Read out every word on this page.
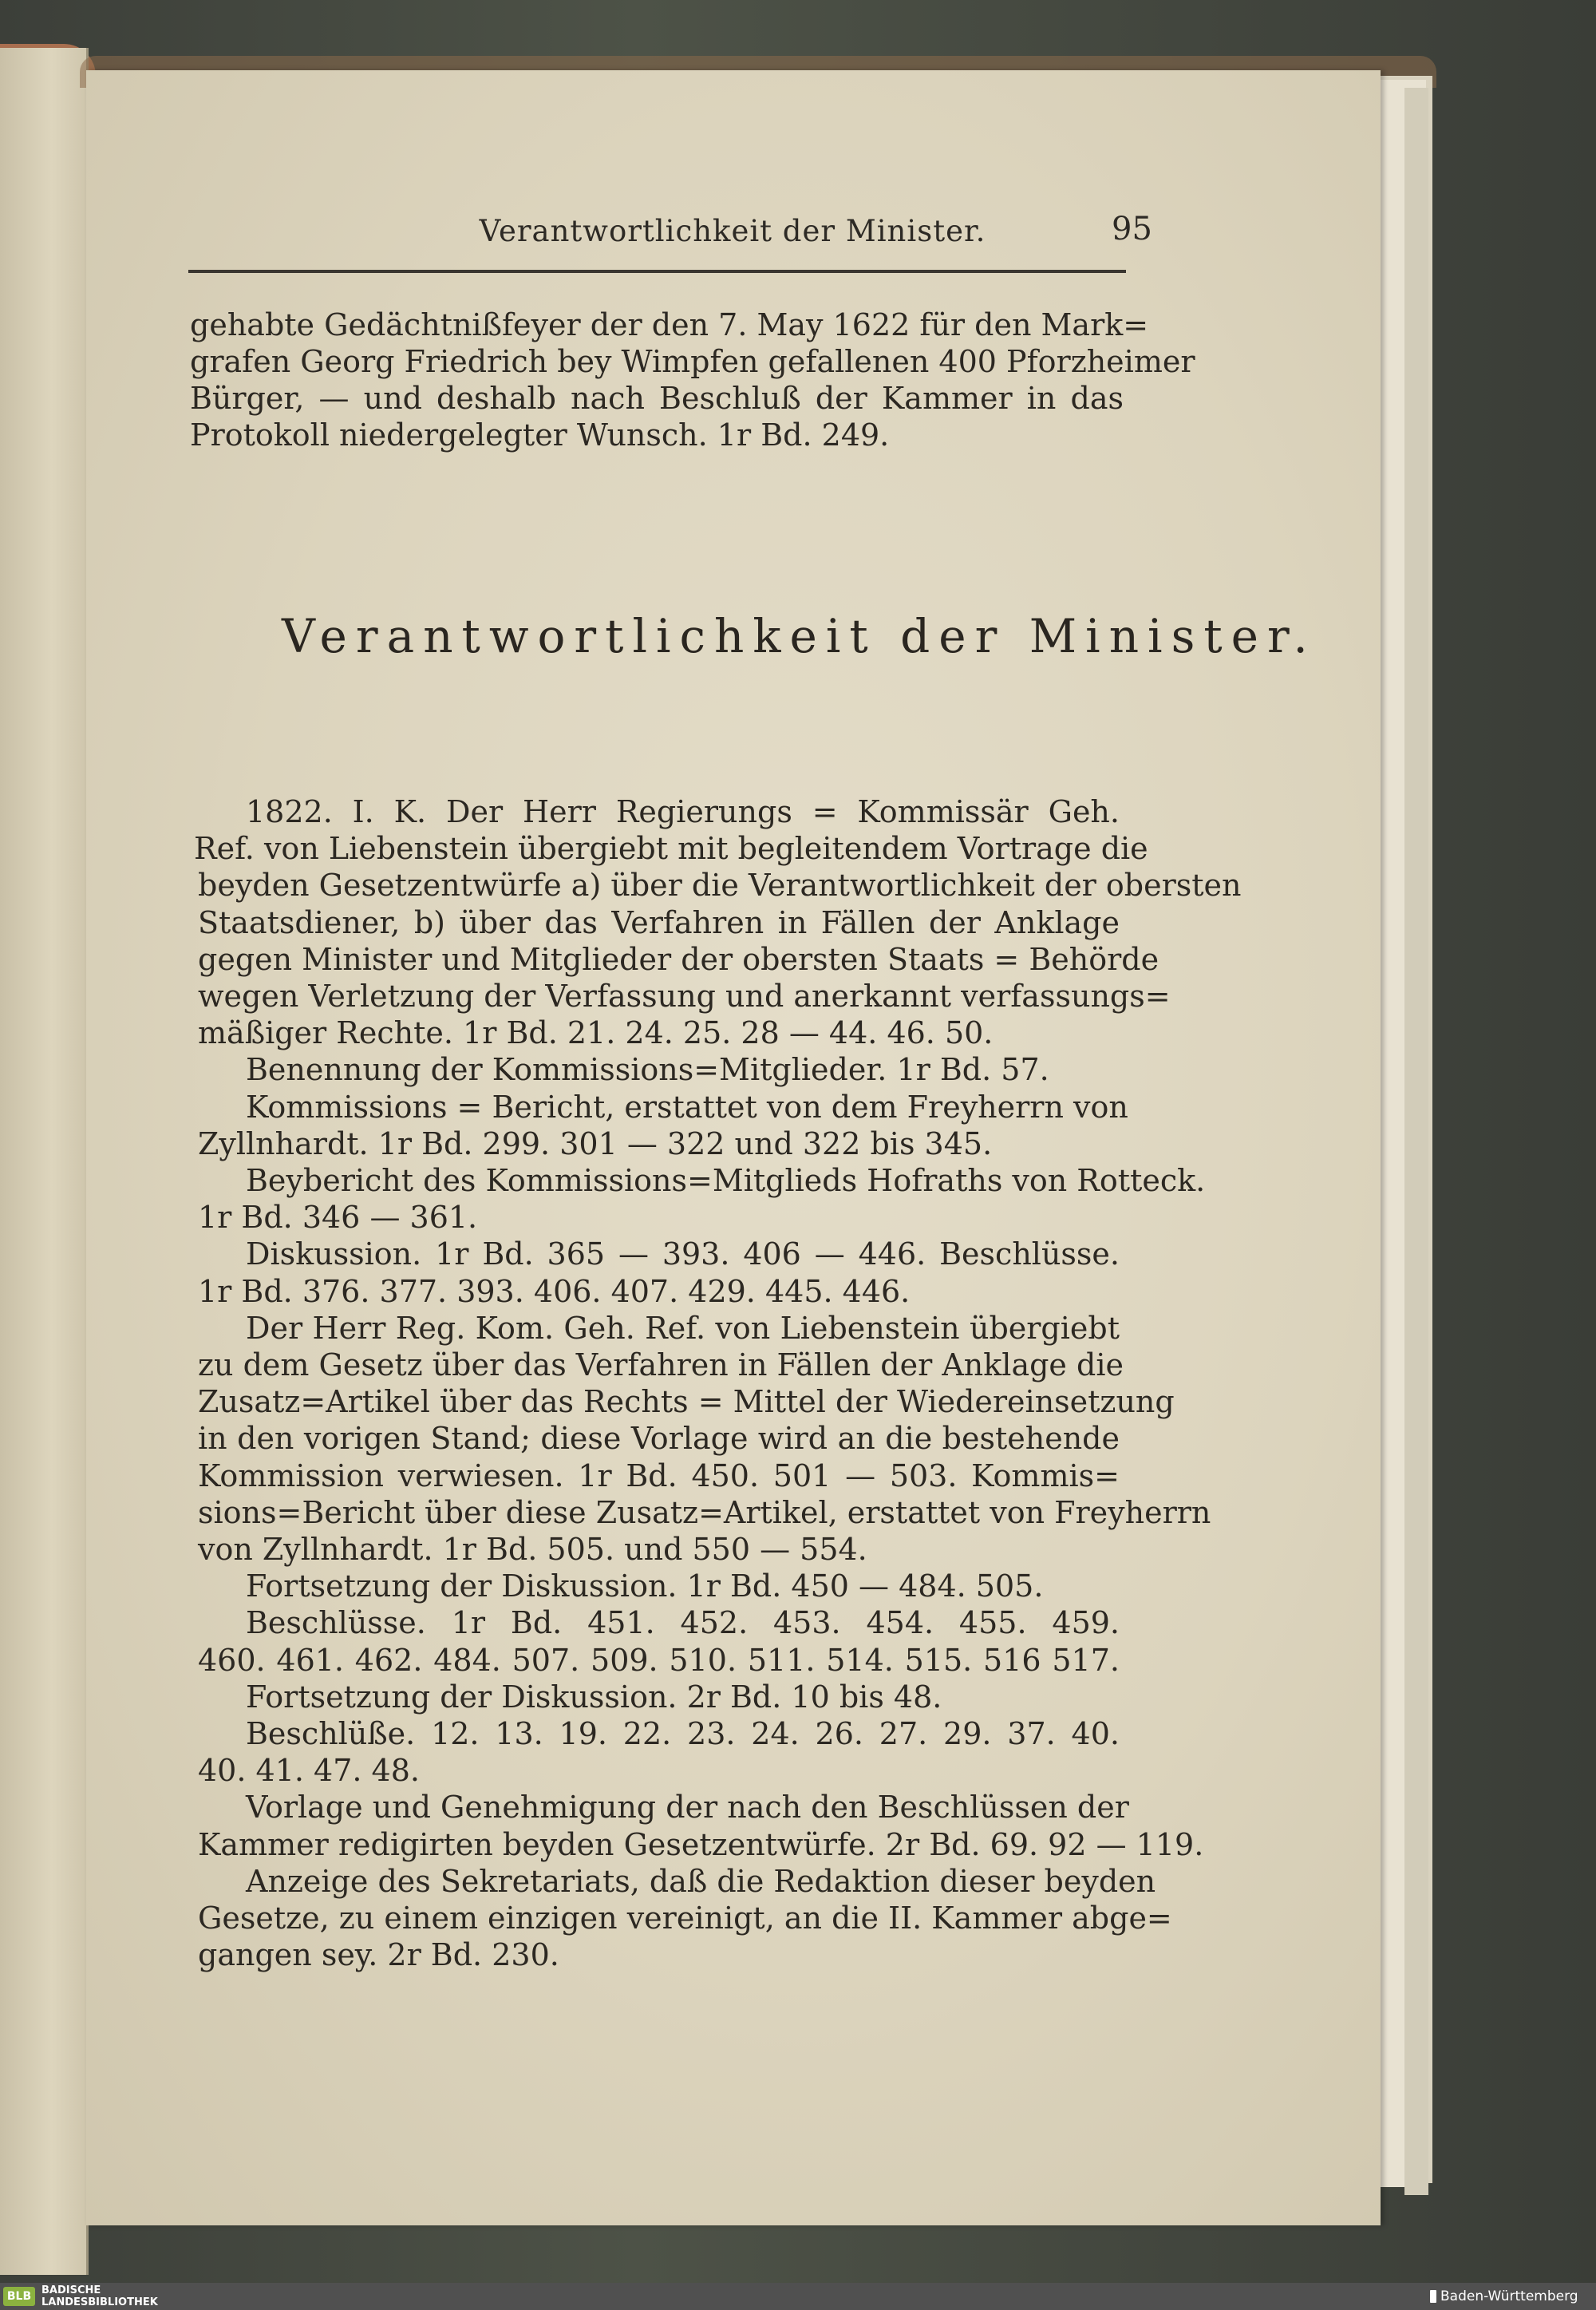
Verantwortlichkeit der Minister.	95
gehabte Gedächtnißfeyer der den 7. May 1622 für den Mark=
grafen Georg Friedrich bey Wimpfen gefallenen 400 Pforzheimer
Bürger, — und deshalb nach Beschluß der Kammer in das
Protokoll niedergelegter Wunsch. 1r Bd. 249.
Verantwortlichkeit der Minister.
1822. I. K. Der Herr Regierungs = Kommissär Geh.
Ref. von Liebenstein übergiebt mit begleitendem Vortrage die
beyden Gesetzentwürfe a) über die Verantwortlichkeit der obersten
Staatsdiener, b) über das Verfahren in Fällen der Anklage
gegen Minister und Mitglieder der obersten Staats = Behörde
wegen Verletzung der Verfassung und anerkannt verfassungs=
mäßiger Rechte. 1r Bd. 21. 24. 25. 28 — 44. 46. 50.
Benennung der Kommissions=Mitglieder. 1r Bd. 57.
Kommissions = Bericht, erstattet von dem Freyherrn von
Zyllnhardt. 1r Bd. 299. 301 — 322 und 322 bis 345.
Beybericht des Kommissions=Mitglieds Hofraths von Rotteck.
1r Bd. 346 — 361.
Diskussion. 1r Bd. 365 — 393. 406 — 446. Beschlüsse.
1r Bd. 376. 377. 393. 406. 407. 429. 445. 446.
Der Herr Reg. Kom. Geh. Ref. von Liebenstein übergiebt
zu dem Gesetz über das Verfahren in Fällen der Anklage die
Zusatz=Artikel über das Rechts = Mittel der Wiedereinsetzung
in den vorigen Stand; diese Vorlage wird an die bestehende
Kommission verwiesen. 1r Bd. 450. 501 — 503. Kommis=
sions=Bericht über diese Zusatz=Artikel, erstattet von Freyherrn
von Zyllnhardt. 1r Bd. 505. und 550 — 554.
Fortsetzung der Diskussion. 1r Bd. 450 — 484. 505.
Beschlüsse. 1r Bd. 451. 452. 453. 454. 455. 459.
460. 461. 462. 484. 507. 509. 510. 511. 514. 515. 516 517.
Fortsetzung der Diskussion. 2r Bd. 10 bis 48.
Beschlüße. 12. 13. 19. 22. 23. 24. 26. 27. 29. 37. 40.
40. 41. 47. 48.
Vorlage und Genehmigung der nach den Beschlüssen der
Kammer redigirten beyden Gesetzentwürfe. 2r Bd. 69. 92 — 119.
Anzeige des Sekretariats, daß die Redaktion dieser beyden
Gesetze, zu einem einzigen vereinigt, an die II. Kammer abge=
gangen sey. 2r Bd. 230.
BLB BADISCHE
LANDESBIBLIOTHEK	Baden-Württemberg
